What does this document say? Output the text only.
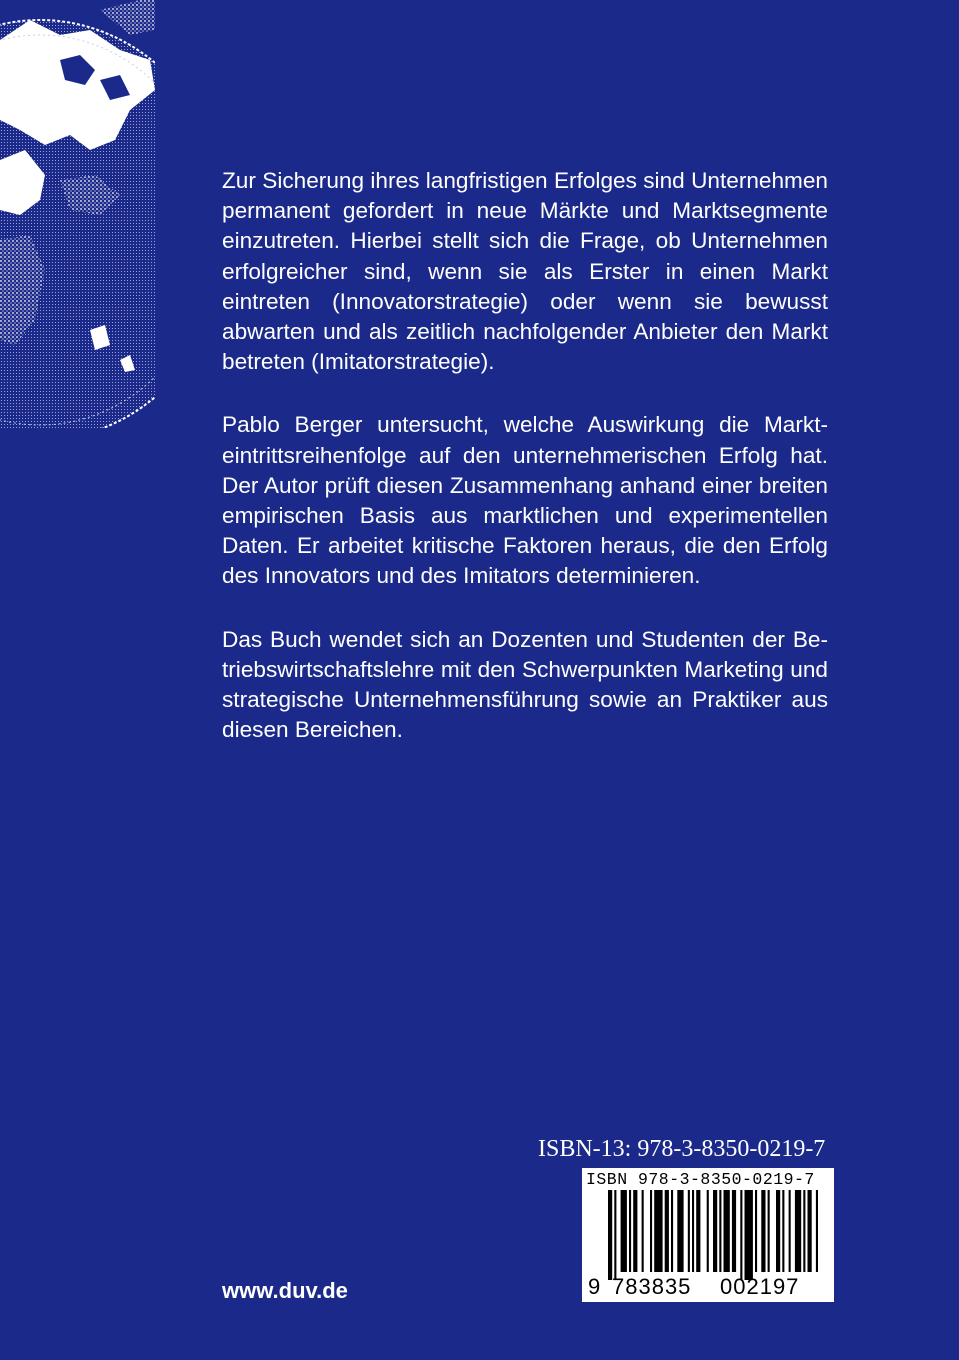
Zur Sicherung ihres langfristigen Erfolges sind Unternehmen permanent gefordert in neue Märkte und Marktsegmente einzutreten. Hierbei stellt sich die Frage, ob Unternehmen erfolgreicher sind, wenn sie als Erster in einen Markt eintreten (Innovatorstrategie) oder wenn sie bewusst abwarten und als zeitlich nachfolgender Anbieter den Markt betreten (Imitatorstrategie).

Pablo Berger untersucht, welche Auswirkung die Markteintrittsreihenfolge auf den unternehmerischen Erfolg hat. Der Autor prüft diesen Zusammenhang anhand einer breiten empirischen Basis aus marktlichen und experimentellen Daten. Er arbeitet kritische Faktoren heraus, die den Erfolg des Innovators und des Imitators determinieren.

Das Buch wendet sich an Dozenten und Studenten der Betriebswirtschaftslehre mit den Schwerpunkten Marketing und strategische Unternehmensführung sowie an Praktiker aus diesen Bereichen.

ISBN-13: 978-3-8350-0219-7
ISBN 978-3-8350-0219-7
9 783835 002197
www.duv.de
